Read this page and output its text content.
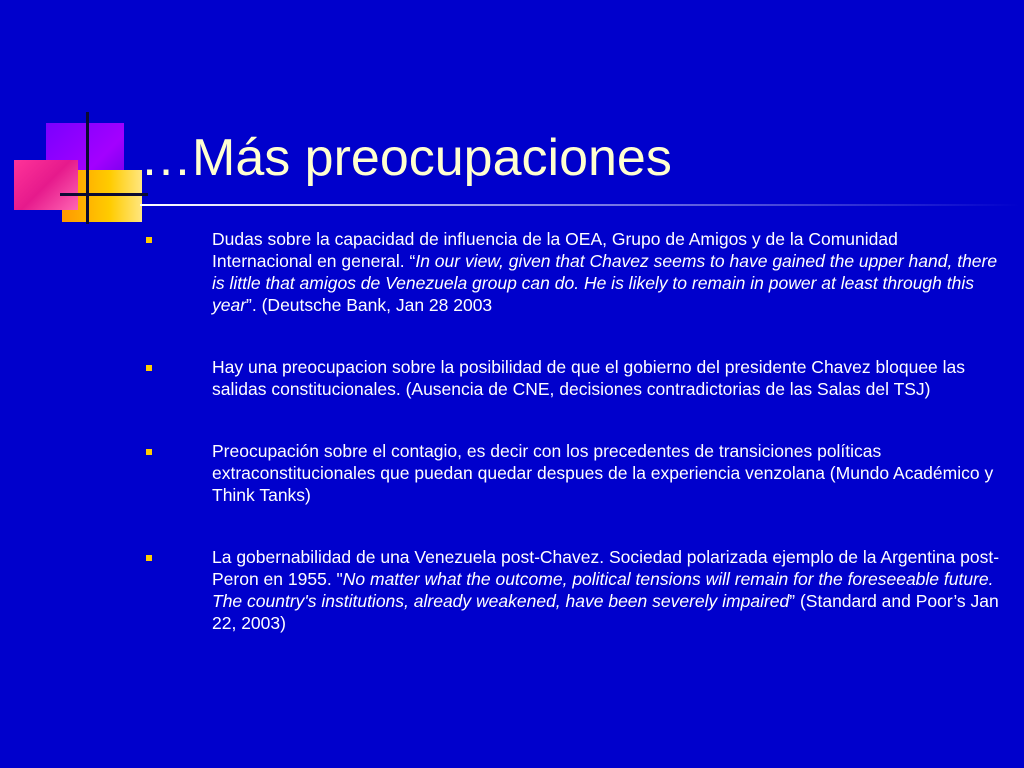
…Más preocupaciones
Dudas sobre la capacidad de influencia de la OEA, Grupo de Amigos y de la Comunidad Internacional en general. “In our view, given that Chavez seems to have gained the upper hand, there is little that amigos de Venezuela group can do. He is likely to remain in power at least through this year”. (Deutsche Bank, Jan 28 2003
Hay una preocupacion sobre la posibilidad de que el gobierno del presidente Chavez bloquee las salidas constitucionales. (Ausencia de CNE, decisiones contradictorias de las Salas del TSJ)
Preocupación sobre el contagio, es decir con los precedentes de transiciones políticas extraconstitucionales que puedan quedar despues de la experiencia venzolana (Mundo Académico y Think Tanks)
La gobernabilidad de una Venezuela post-Chavez. Sociedad polarizada ejemplo de la Argentina post- Peron en 1955. "No matter what the outcome, political tensions will remain for the foreseeable future. The country's institutions, already weakened, have been severely impaired” (Standard and Poor’s Jan 22, 2003)
